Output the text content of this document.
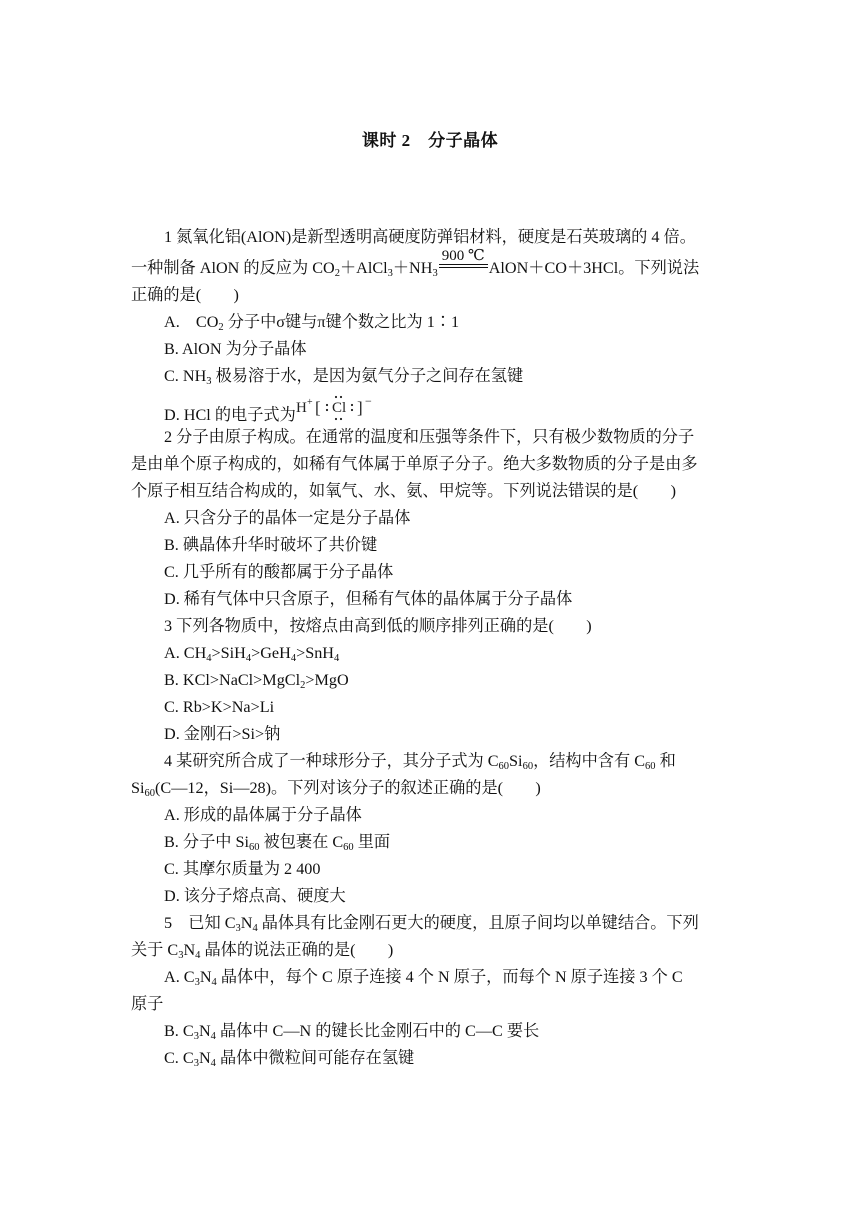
课时 2　分子晶体

1 氮氧化铝(AlON)是新型透明高硬度防弹铝材料，硬度是石英玻璃的 4 倍。

一种制备 AlON 的反应为 $CO_2+AlCl_3+NH_3$
900 ℃
AlON＋CO＋3HCl。下列说法

正确的是(　　)

A.　$CO_2$ 分子中σ键与π键个数之比为 1∶1

B. AlON 为分子晶体

C. $NH_3$ 极易溶于水，是因为氨气分子之间存在氢键

D. HCl 的电子式为 H + [ Cl ] −

2 分子由原子构成。在通常的温度和压强等条件下，只有极少数物质的分子

是由单个原子构成的，如稀有气体属于单原子分子。绝大多数物质的分子是由多

个原子相互结合构成的，如氧气、水、氨、甲烷等。下列说法错误的是(　　)

A. 只含分子的晶体一定是分子晶体

B. 碘晶体升华时破坏了共价键

C. 几乎所有的酸都属于分子晶体

D. 稀有气体中只含原子，但稀有气体的晶体属于分子晶体

3 下列各物质中，按熔点由高到低的顺序排列正确的是(　　)

A. $CH_4>SiH_4>GeH_4>SnH_4$

B. KCl>NaCl>MgCl$_2$>MgO

C. Rb>K>Na>Li

D. 金刚石>Si>钠

4 某研究所合成了一种球形分子，其分子式为 $C_{60}Si_{60}$，结构中含有 $C_{60}$ 和

$Si_{60}(C—12$，Si—28)。下列对该分子的叙述正确的是(　　)

A. 形成的晶体属于分子晶体

B. 分子中 $Si_{60}$ 被包裹在 $C_{60}$ 里面

C. 其摩尔质量为 2 400

D. 该分子熔点高、硬度大

5　已知 $C_3N_4$ 晶体具有比金刚石更大的硬度，且原子间均以单键结合。下列

关于 $C_3N_4$ 晶体的说法正确的是(　　)

A. $C_3N_4$ 晶体中，每个 C 原子连接 4 个 N 原子，而每个 N 原子连接 3 个 C

原子

B. $C_3N_4$ 晶体中 C—N 的键长比金刚石中的 C—C 要长

C. $C_3N_4$ 晶体中微粒间可能存在氢键
